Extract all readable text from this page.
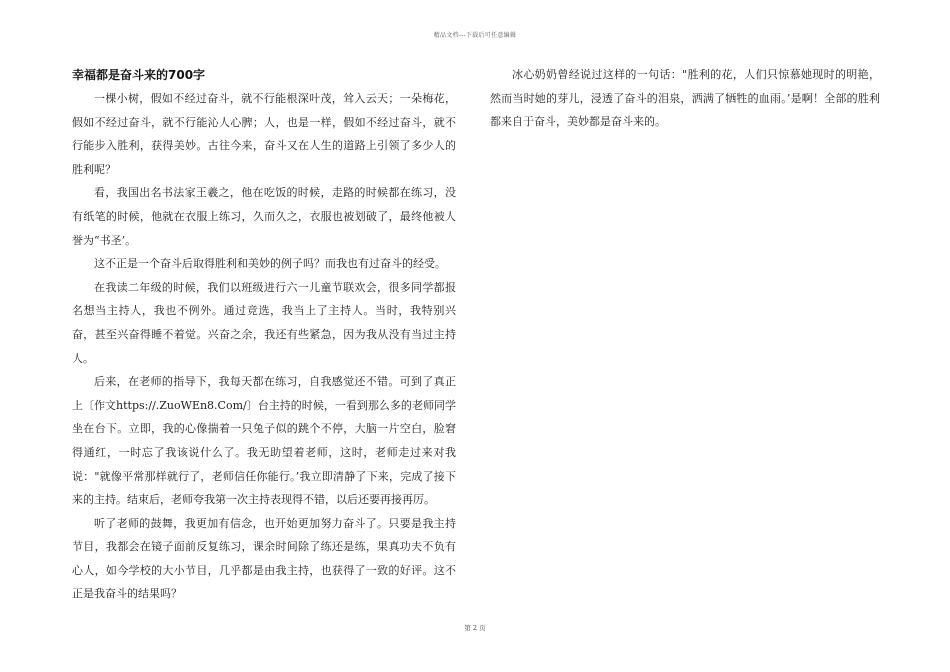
精品文档---下载后可任意编辑
幸福都是奋斗来的700字

一棵小树，假如不经过奋斗，就不行能根深叶茂，耸入云天；一朵梅花，假如不经过奋斗，就不行能沁人心脾；人，也是一样，假如不经过奋斗，就不行能步入胜利，获得美妙。古往今来，奋斗又在人生的道路上引领了多少人的胜利呢？

看，我国出名书法家王羲之，他在吃饭的时候，走路的时候都在练习，没有纸笔的时候，他就在衣服上练习，久而久之，衣服也被划破了，最终他被人誉为“书圣’。

这不正是一个奋斗后取得胜利和美妙的例子吗？而我也有过奋斗的经受。

在我读二年级的时候，我们以班级进行六一儿童节联欢会，很多同学都报名想当主持人，我也不例外。通过竞选，我当上了主持人。当时，我特别兴奋，甚至兴奋得睡不着觉。兴奋之余，我还有些紧急，因为我从没有当过主持人。

后来，在老师的指导下，我每天都在练习，自我感觉还不错。可到了真正上〔作文https://.ZuoWEn8.Com/〕台主持的时候，一看到那么多的老师同学坐在台下。立即，我的心像揣着一只兔子似的跳个不停，大脑一片空白，脸窘得通红，一时忘了我该说什么了。我无助望着老师，这时，老师走过来对我说："就像平常那样就行了，老师信任你能行。’我立即清静了下来，完成了接下来的主持。结束后，老师夸我第一次主持表现得不错，以后还要再接再厉。

听了老师的鼓舞，我更加有信念，也开始更加努力奋斗了。只要是我主持节目，我都会在镜子面前反复练习，课余时间除了练还是练，果真功夫不负有心人，如今学校的大小节目，几乎都是由我主持，也获得了一致的好评。这不正是我奋斗的结果吗？

冰心奶奶曾经说过这样的一句话："胜利的花，人们只惊慕她现时的明艳，然而当时她的芽儿，浸透了奋斗的泪泉，洒满了牺牲的血雨。’是啊！全部的胜利都来自于奋斗，美妙都是奋斗来的。

第 2 页
